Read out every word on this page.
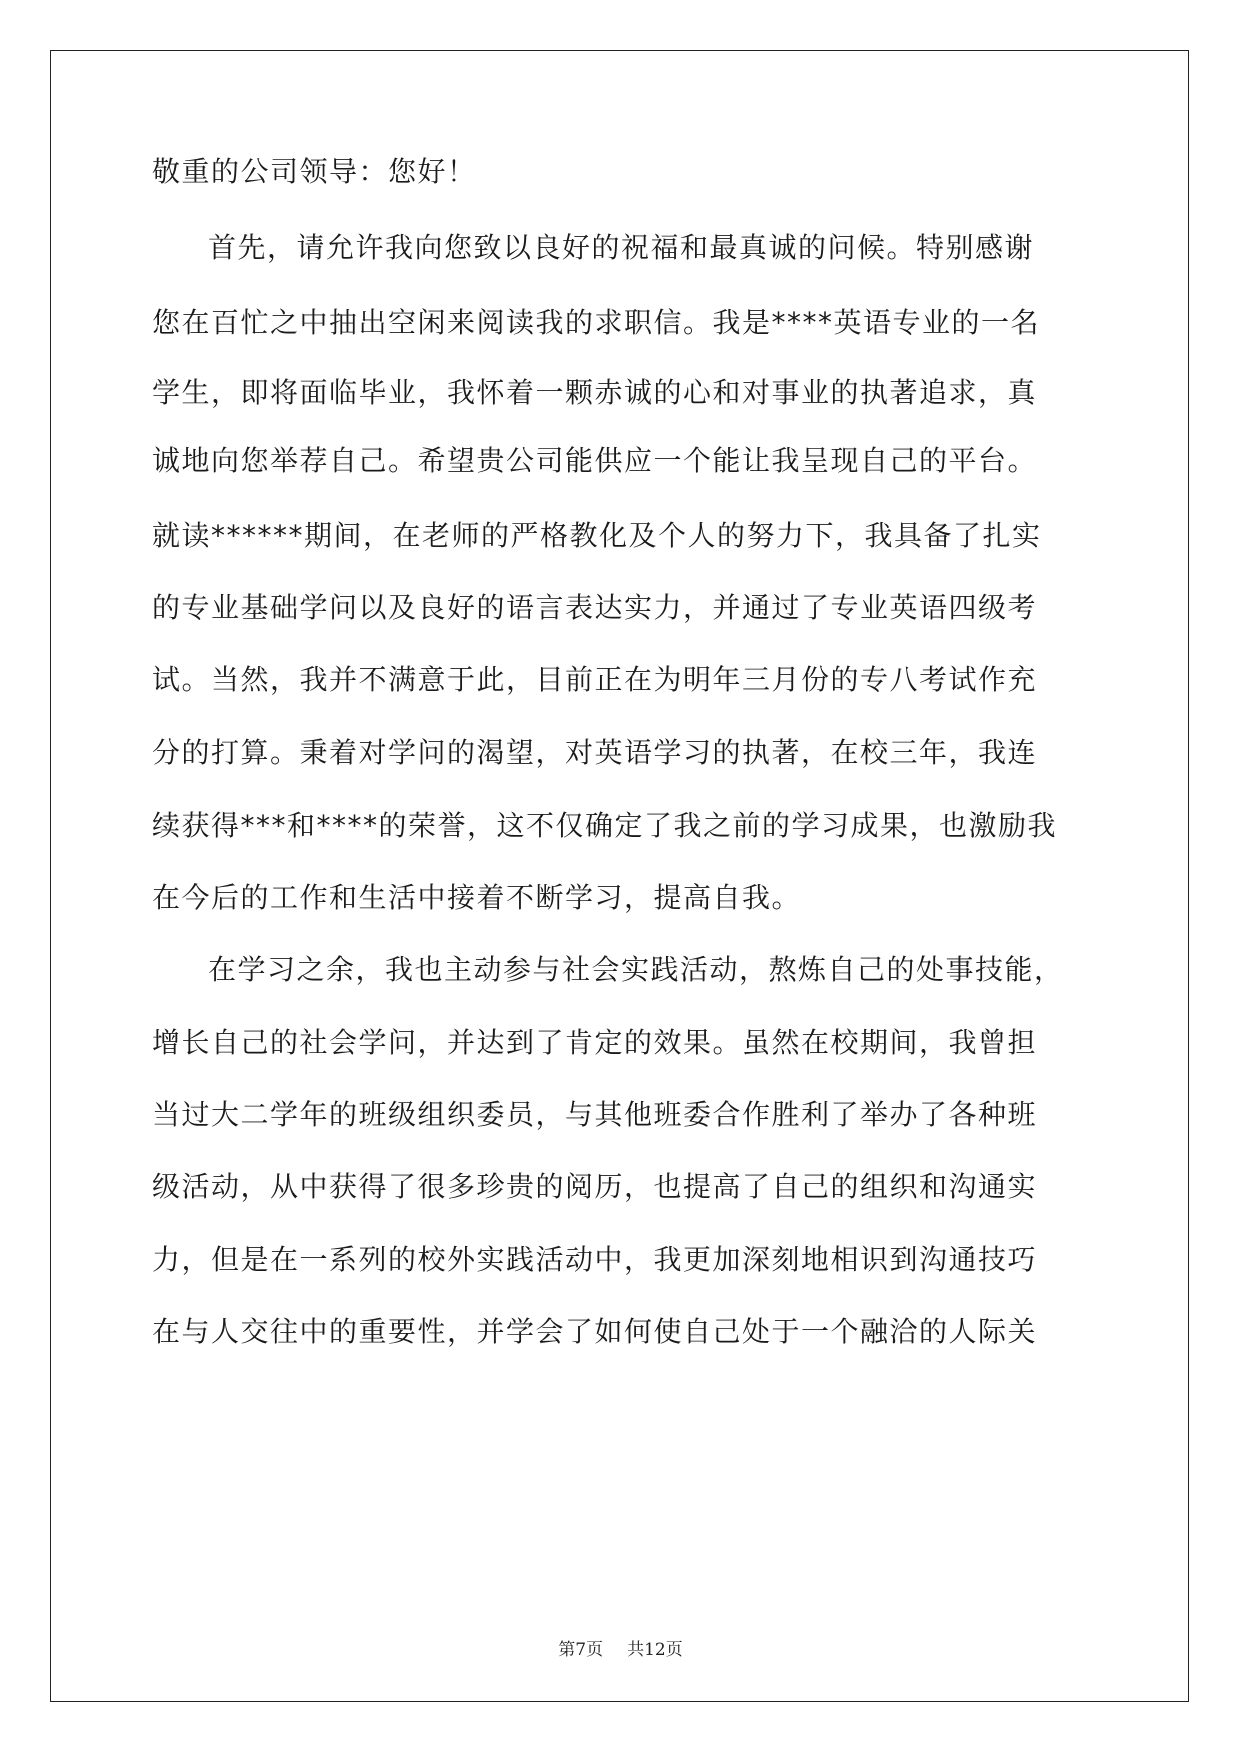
敬重的公司领导：您好！
首先，请允许我向您致以良好的祝福和最真诚的问候。特别感谢
您在百忙之中抽出空闲来阅读我的求职信。我是****英语专业的一名
学生，即将面临毕业，我怀着一颗赤诚的心和对事业的执著追求，真
诚地向您举荐自己。希望贵公司能供应一个能让我呈现自己的平台。
就读******期间，在老师的严格教化及个人的努力下，我具备了扎实
的专业基础学问以及良好的语言表达实力，并通过了专业英语四级考
试。当然，我并不满意于此，目前正在为明年三月份的专八考试作充
分的打算。秉着对学问的渴望，对英语学习的执著，在校三年，我连
续获得***和****的荣誉，这不仅确定了我之前的学习成果，也激励我
在今后的工作和生活中接着不断学习，提高自我。
在学习之余，我也主动参与社会实践活动，熬炼自己的处事技能，
增长自己的社会学问，并达到了肯定的效果。虽然在校期间，我曾担
当过大二学年的班级组织委员，与其他班委合作胜利了举办了各种班
级活动，从中获得了很多珍贵的阅历，也提高了自己的组织和沟通实
力，但是在一系列的校外实践活动中，我更加深刻地相识到沟通技巧
在与人交往中的重要性，并学会了如何使自己处于一个融洽的人际关
第7页 共12页
